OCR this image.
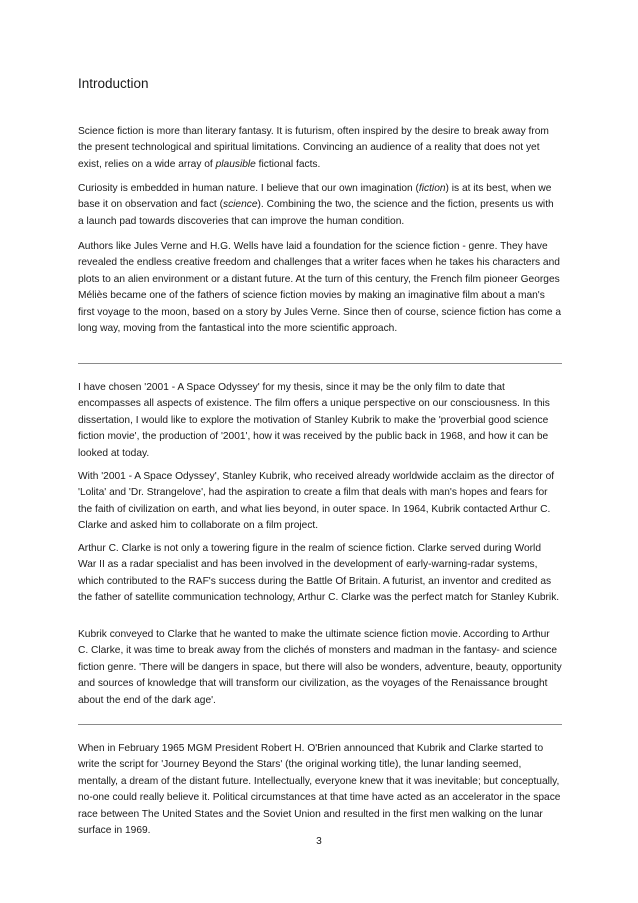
Introduction

Science fiction is more than literary fantasy. It is futurism, often inspired by the desire to break away from the present technological and spiritual limitations. Convincing an audience of a reality that does not yet exist, relies on a wide array of plausible fictional facts.

Curiosity is embedded in human nature. I believe that our own imagination (fiction) is at its best, when we base it on observation and fact (science). Combining the two, the science and the fiction, presents us with a launch pad towards discoveries that can improve the human condition.

Authors like Jules Verne and H.G. Wells have laid a foundation for the science fiction - genre. They have revealed the endless creative freedom and challenges that a writer faces when he takes his characters and plots to an alien environment or a distant future. At the turn of this century, the French film pioneer Georges Méliès became one of the fathers of science fiction movies by making an imaginative film about a man's first voyage to the moon, based on a story by Jules Verne. Since then of course, science fiction has come a long way, moving from the fantastical into the more scientific approach.

I have chosen '2001 - A Space Odyssey' for my thesis, since it may be the only film to date that encompasses all aspects of existence. The film offers a unique perspective on our consciousness. In this dissertation, I would like to explore the motivation of Stanley Kubrik to make the 'proverbial good science fiction movie', the production of '2001', how it was received by the public back in 1968, and how it can be looked at today.

With '2001 - A Space Odyssey', Stanley Kubrik, who received already worldwide acclaim as the director of 'Lolita' and 'Dr. Strangelove', had the aspiration to create a film that deals with man's hopes and fears for the faith of civilization on earth, and what lies beyond, in outer space. In 1964, Kubrik contacted Arthur C. Clarke and asked him to collaborate on a film project.

Arthur C. Clarke is not only a towering figure in the realm of science fiction. Clarke served during World War II as a radar specialist and has been involved in the development of early-warning-radar systems, which contributed to the RAF's success during the Battle Of Britain. A futurist, an inventor and credited as the father of satellite communication technology, Arthur C. Clarke was the perfect match for Stanley Kubrik.

Kubrik conveyed to Clarke that he wanted to make the ultimate science fiction movie. According to Arthur C. Clarke, it was time to break away from the clichés of monsters and madman in the fantasy- and science fiction genre. 'There will be dangers in space, but there will also be wonders, adventure, beauty, opportunity and sources of knowledge that will transform our civilization, as the voyages of the Renaissance brought about the end of the dark age'.

When in February 1965 MGM President Robert H. O'Brien announced that Kubrik and Clarke started to write the script for 'Journey Beyond the Stars' (the original working title), the lunar landing seemed, mentally, a dream of the distant future. Intellectually, everyone knew that it was inevitable; but conceptually, no-one could really believe it. Political circumstances at that time have acted as an accelerator in the space race between The United States and the Soviet Union and resulted in the first men walking on the lunar surface in 1969.

3
